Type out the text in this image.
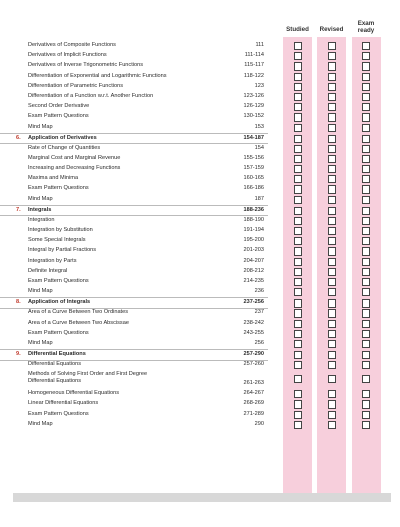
Studied	Revised
Exam ready
Derivatives of Composite Functions	111
Derivatives of Implicit Functions	111-114
Derivatives of Inverse Trigonometric Functions	115-117
Differentiation of Exponential and Logarithmic Functions	118-122
Differentiation of Parametric Functions	123
Differentiation of a Function w.r.t. Another Function	123-126
Second Order Derivative	126-129
Exam Pattern Questions	130-152
Mind Map	153
6. Application of Derivatives	154-187
Rate of Change of Quantities	154
Marginal Cost and Marginal Revenue	155-156
Increasing and Decreasing Functions	157-159
Maxima and Minima	160-165
Exam Pattern Questions	166-186
Mind Map	187
7. Integrals	188-236
Integration	188-190
Integration by Substitution	191-194
Some Special Integrals	195-200
Integral by Partial Fractions	201-203
Integration by Parts	204-207
Definite Integral	208-212
Exam Pattern Questions	214-235
Mind Map	236
8. Application of Integrals	237-256
Area of a Curve Between Two Ordinates	237
Area of a Curve Between Two Abscissae	238-242
Exam Pattern Questions	243-255
Mind Map	256
9. Differential Equations	257-290
Differential Equations	257-260
Methods of Solving First Order and First Degree
Differential Equations	261-263
Homogeneous Differential Equations	264-267
Linear Differential Equations	268-269
Exam Pattern Questions	271-289
Mind Map	290
